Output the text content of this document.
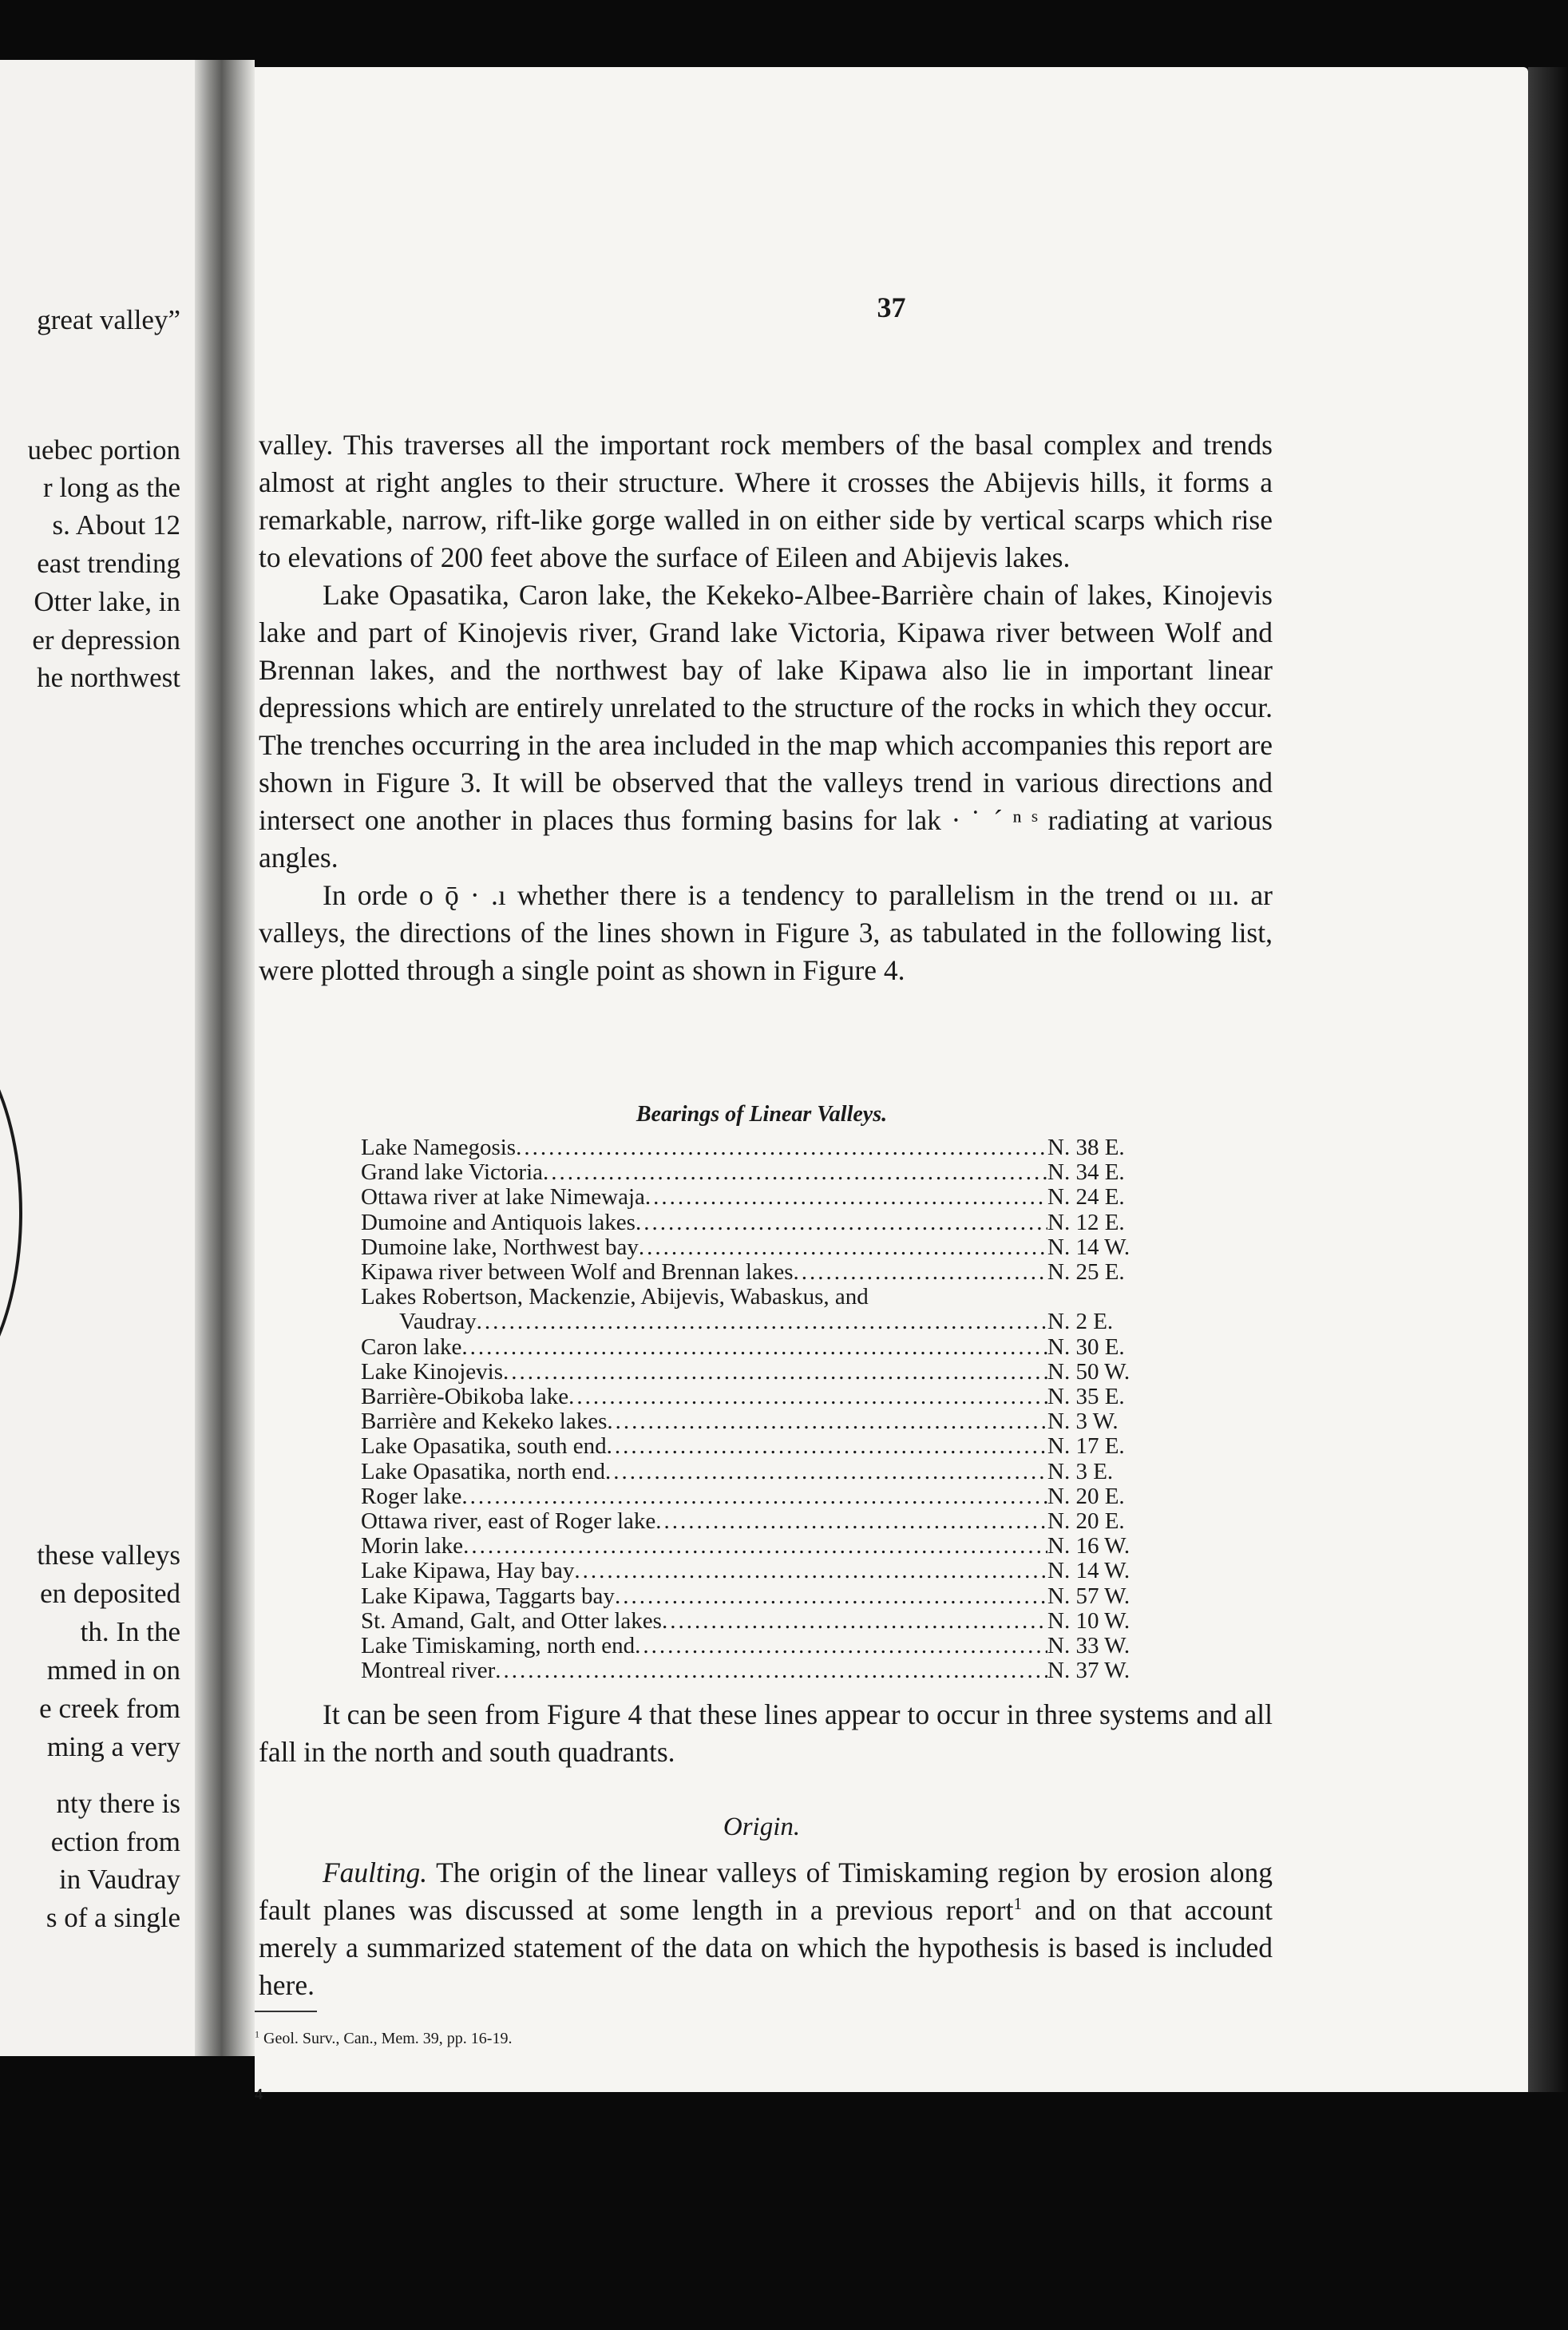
great valley”
uebec portion
r long as the
s. About 12
east trending
Otter lake, in
er depression
he northwest
these valleys
en deposited
th. In the
mmed in on
e creek from
ming a very
nty there is
ection from
in Vaudray
s of a single
37

valley. This traverses all the important rock members of the basal complex and trends almost at right angles to their structure. Where it crosses the Abijevis hills, it forms a remarkable, narrow, rift-like gorge walled in on either side by vertical scarps which rise to elevations of 200 feet above the surface of Eileen and Abijevis lakes.

Lake Opasatika, Caron lake, the Kekeko-Albee-Barrière chain of lakes, Kinojevis lake and part of Kinojevis river, Grand lake Victoria, Kipawa river between Wolf and Brennan lakes, and the northwest bay of lake Kipawa also lie in important linear depressions which are entirely unrelated to the structure of the rocks in which they occur. The trenches occurring in the area included in the map which accompanies this report are shown in Figure 3. It will be observed that the valleys trend in various directions and intersect one another in places thus forming basins for lak · ˙ ´ ⁿ ˢ radiating at various angles.

In orde o ǭ · .ı whether there is a tendency to parallelism in the trend oı ııı. ar valleys, the directions of the lines shown in Figure 3, as tabulated in the following list, were plotted through a single point as shown in Figure 4.

Bearings of Linear Valleys.
Lake Namegosis .....	N. 38 E.
Grand lake Victoria .....	N. 34 E.
Ottawa river at lake Nimewaja .....	N. 24 E.
Dumoine and Antiquois lakes .....	N. 12 E.
Dumoine lake, Northwest bay .....	N. 14 W.
Kipawa river between Wolf and Brennan lakes .....	N. 25 E.
Lakes Robertson, Mackenzie, Abijevis, Wabaskus, and
Vaudray .....	N. 2 E.
Caron lake .....	N. 30 E.
Lake Kinojevis .....	N. 50 W.
Barrière-Obikoba lake .....	N. 35 E.
Barrière and Kekeko lakes .....	N. 3 W.
Lake Opasatika, south end .....	N. 17 E.
Lake Opasatika, north end .....	N. 3 E.
Roger lake .....	N. 20 E.
Ottawa river, east of Roger lake .....	N. 20 E.
Morin lake .....	N. 16 W.
Lake Kipawa, Hay bay .....	N. 14 W.
Lake Kipawa, Taggarts bay .....	N. 57 W.
St. Amand, Galt, and Otter lakes .....	N. 10 W.
Lake Timiskaming, north end .....	N. 33 W.
Montreal river .....	N. 37 W.

It can be seen from Figure 4 that these lines appear to occur in three systems and all fall in the north and south quadrants.

Origin.

Faulting. The origin of the linear valleys of Timiskaming region by erosion along fault planes was discussed at some length in a previous report$^1$ and on that account merely a summarized statement of the data on which the hypothesis is based is included here.

$^1$ Geol. Surv., Can., Mem. 39, pp. 16-19.
4
